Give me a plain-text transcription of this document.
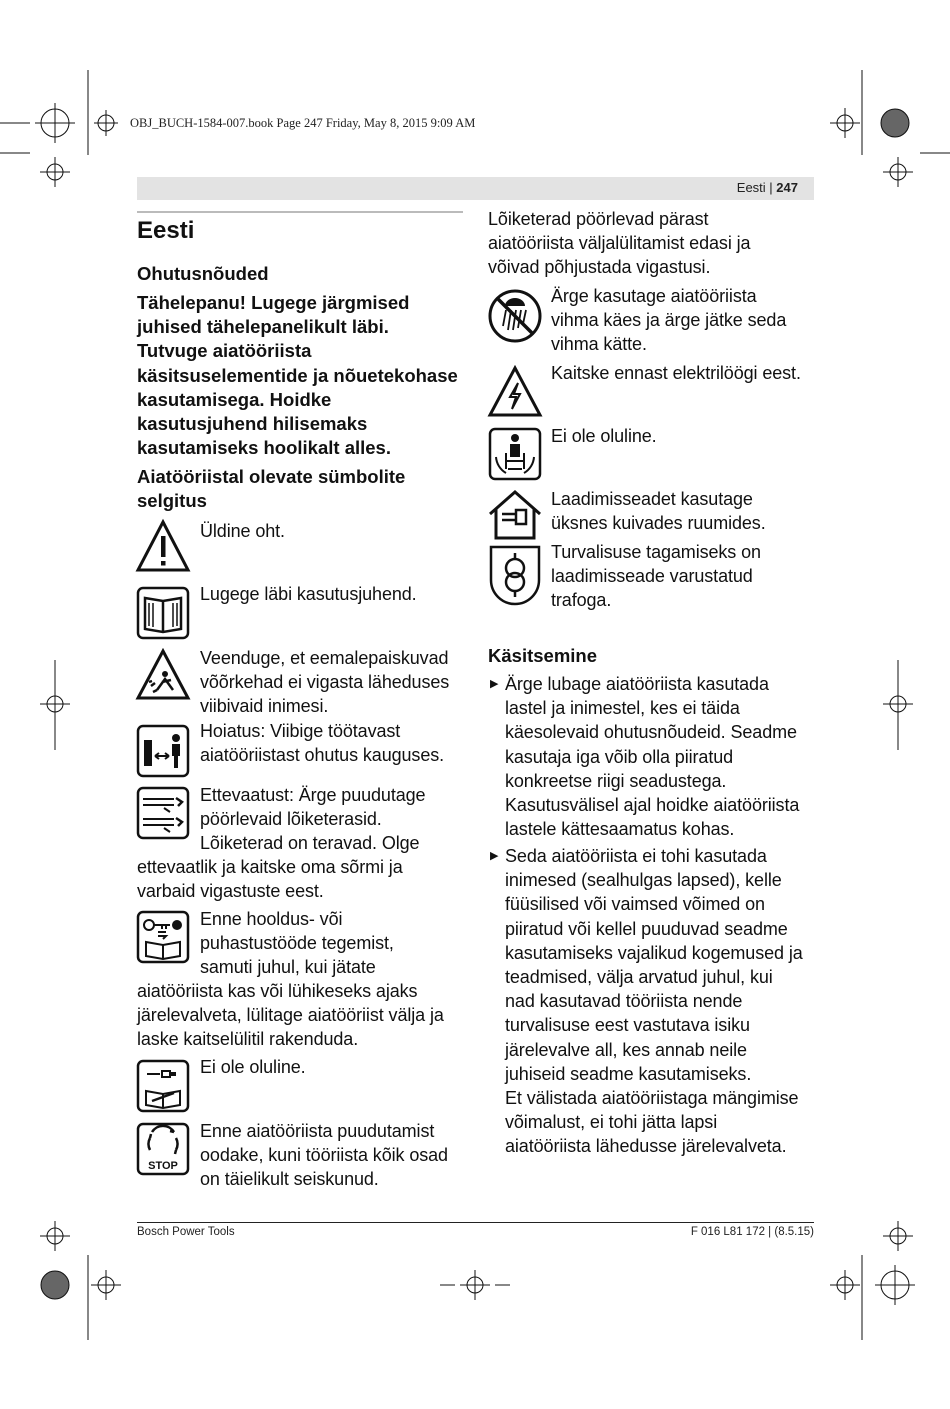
OBJ_BUCH-1584-007.book Page 247 Friday, May 8, 2015 9:09 AM
Eesti | 247
Eesti
Ohutusnõuded
Tähelepanu! Lugege järgmised
juhised tähelepanelikult läbi.
Tutvuge aiatööriista
käsitsuselementide ja nõuetekohase
kasutamisega. Hoidke
kasutusjuhend hilisemaks
kasutamiseks hoolikalt alles.
Aiatööriistal olevate sümbolite
selgitus
Üldine oht.
Lugege läbi kasutusjuhend.
Veenduge, et eemalepaiskuvad
võõrkehad ei vigasta läheduses
viibivaid inimesi.
Hoiatus: Viibige töötavast
aiatööriistast ohutus kauguses.
Ettevaatust: Ärge puudutage
pöörlevaid lõiketerasid.
Lõiketerad on teravad. Olge
ettevaatlik ja kaitske oma sõrmi ja
varbaid vigastuste eest.
Enne hooldus- või
puhastustööde tegemist,
samuti juhul, kui jätate
aiatööriista kas või lühikeseks ajaks
järelevalveta, lülitage aiatööriist välja ja
laske kaitselülitil rakenduda.
Ei ole oluline.
STOP
Enne aiatööriista puudutamist
oodake, kuni tööriista kõik osad
on täielikult seiskunud.
Lõiketerad pöörlevad pärast
aiatööriista väljalülitamist edasi ja
võivad põhjustada vigastusi.
Ärge kasutage aiatööriista
vihma käes ja ärge jätke seda
vihma kätte.
Kaitske ennast elektrilöögi eest.
Ei ole oluline.
Laadimisseadet kasutage
üksnes kuivades ruumides.
Turvalisuse tagamiseks on
laadimisseade varustatud
trafoga.
Käsitsemine
▶ Ärge lubage aiatööriista kasutada
lastel ja inimestel, kes ei täida
käesolevaid ohutusnõudeid. Seadme
kasutaja iga võib olla piiratud
konkreetse riigi seadustega.
Kasutusvälisel ajal hoidke aiatööriista
lastele kättesaamatus kohas.
▶ Seda aiatööriista ei tohi kasutada
inimesed (sealhulgas lapsed), kelle
füüsilised või vaimsed võimed on
piiratud või kellel puuduvad seadme
kasutamiseks vajalikud kogemused ja
teadmised, välja arvatud juhul, kui
nad kasutavad tööriista nende
turvalisuse eest vastutava isiku
järelevalve all, kes annab neile
juhiseid seadme kasutamiseks.
Et välistada aiatööriistaga mängimise
võimalust, ei tohi jätta lapsi
aiatööriista lähedusse järelevalveta.
Bosch Power Tools	F 016 L81 172 | (8.5.15)
